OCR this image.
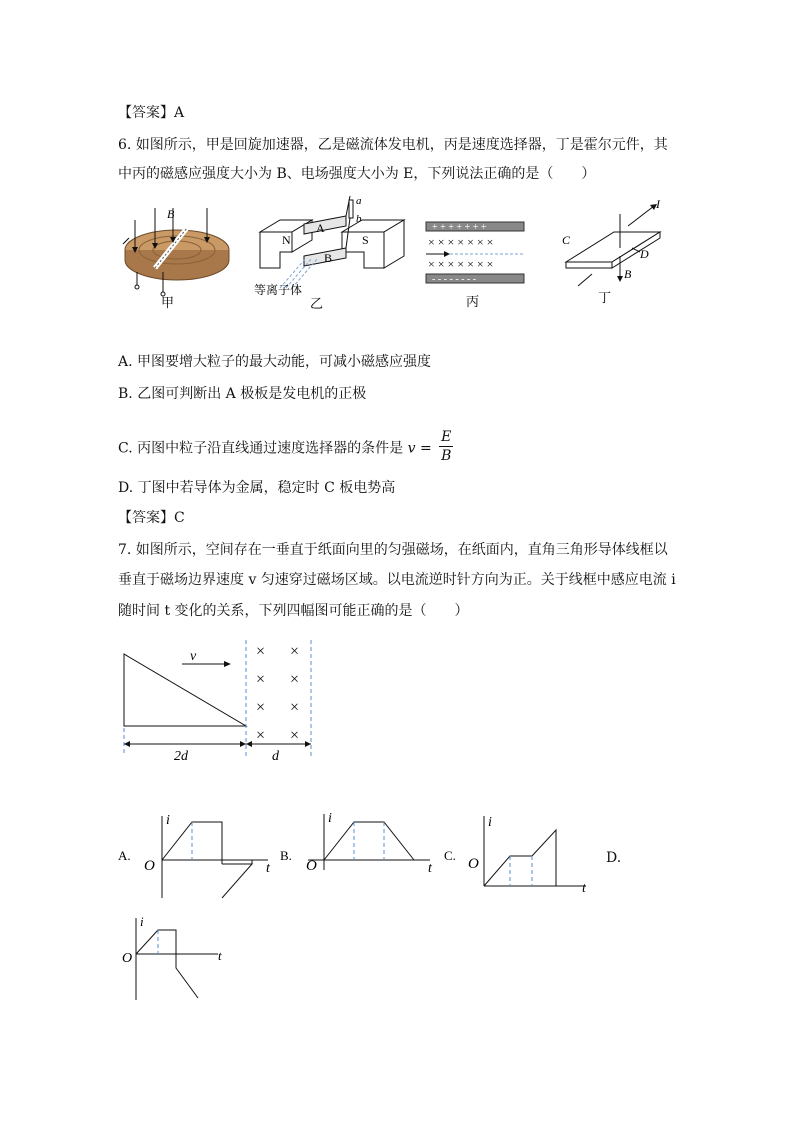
【答案】A
6. 如图所示，甲是回旋加速器，乙是磁流体发电机，丙是速度选择器，丁是霍尔元件，其
中丙的磁感应强度大小为 B、电场强度大小为 E，下列说法正确的是（　　）
B
甲
N	S
A
B
a
b
等离子体
乙
+ + + + + + +
× × × × × × ×
× × × × × × ×
- - - - - - - -
丙
C
D
I
B
丁
A. 甲图要增大粒子的最大动能，可减小磁感应强度
B. 乙图可判断出 A 极板是发电机的正极
C. 丙图中粒子沿直线通过速度选择器的条件是 $v = \frac{E}{B}$
D. 丁图中若导体为金属，稳定时 C 板电势高
【答案】C
7. 如图所示，空间存在一垂直于纸面向里的匀强磁场，在纸面内，直角三角形导体线框以
垂直于磁场边界速度 v 匀速穿过磁场区域。以电流逆时针方向为正。关于线框中感应电流 i
随时间 t 变化的关系，下列四幅图可能正确的是（　　）
v	× ×
× ×
× ×
× ×
2d	d
A.
i
t
O
B.
i
t
O
C.
i
t
O	D.
i
t
O
